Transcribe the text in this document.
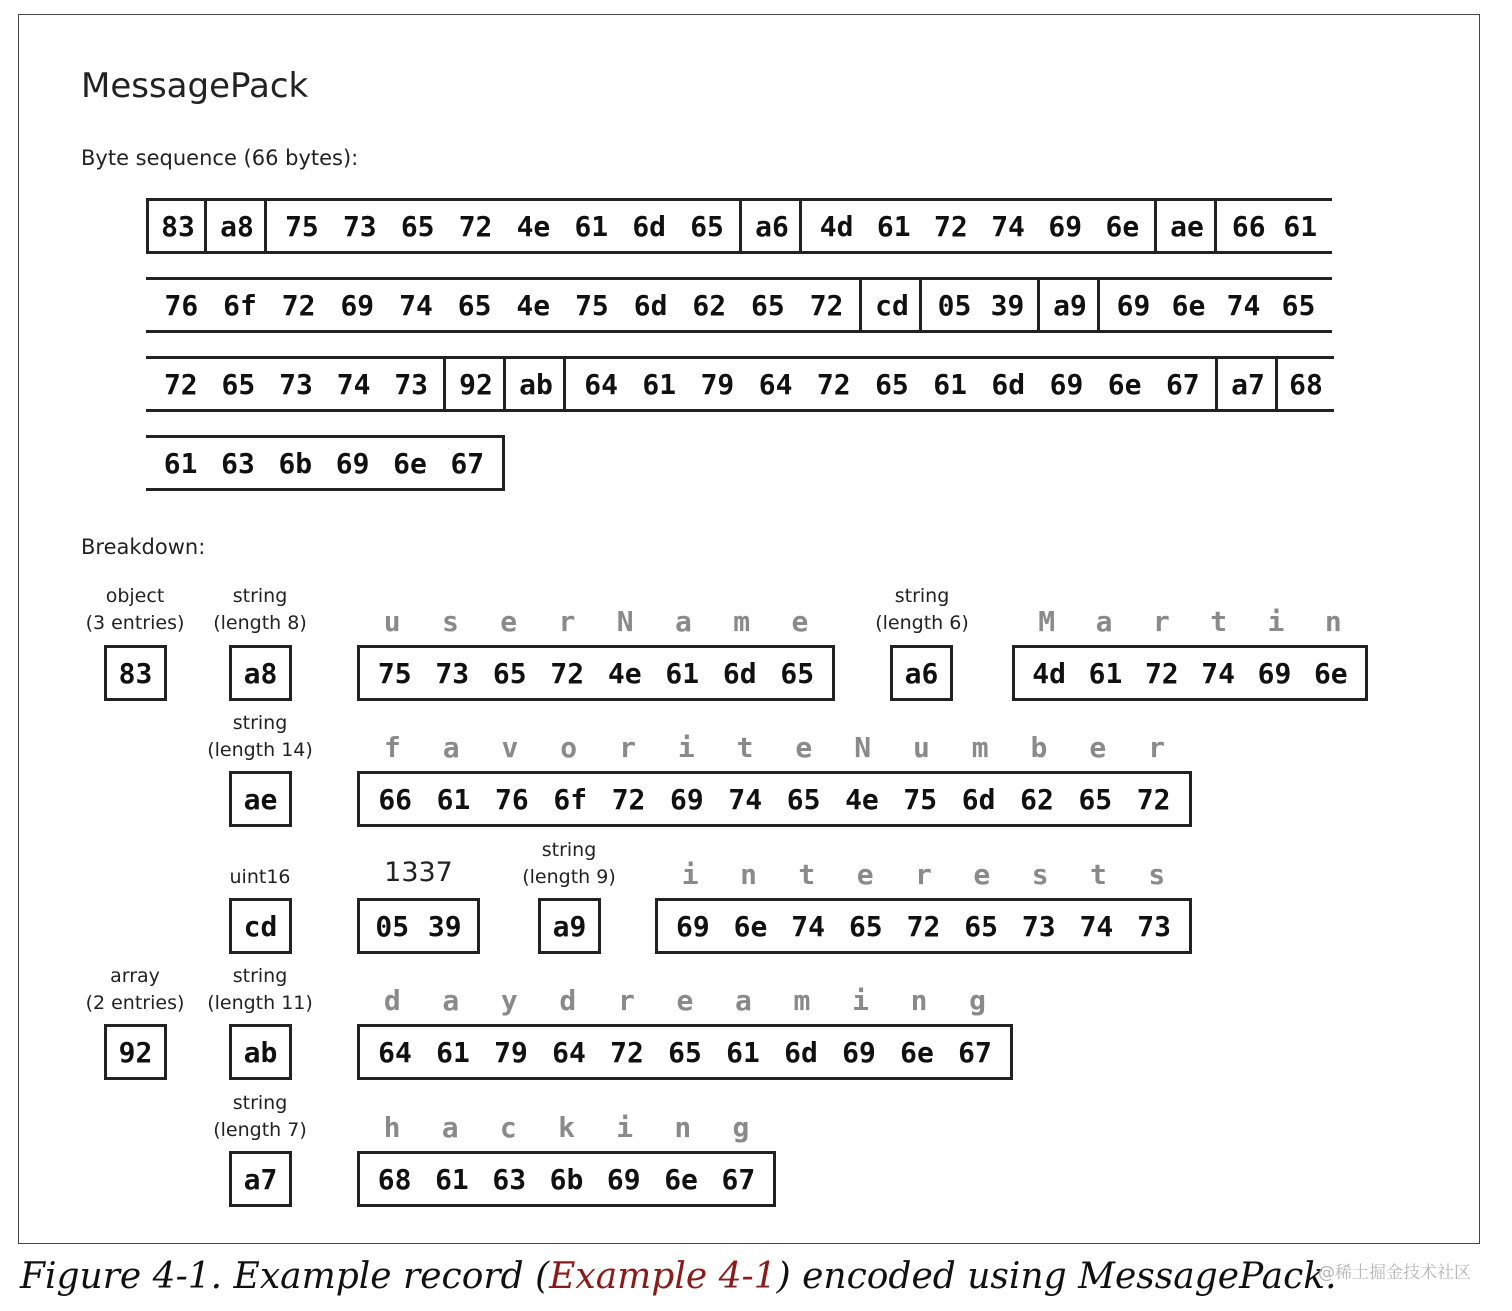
MessagePack
Byte sequence (66 bytes):
83 a8 75 73 65 72 4e 61 6d 65 a6 4d 61 72 74 69 6e ae 66 61
76 6f 72 69 74 65 4e 75 6d 62 65 72 cd 05 39 a9 69 6e 74 65
72 65 73 74 73 92 ab 64 61 79 64 72 65 61 6d 69 6e 67 a7 68
61 63 6b 69 6e 67
Breakdown:
object
(3 entries)
83
string
(length 8)
a8
u s e r N a m e
75 73 65 72 4e 61 6d 65
string
(length 6)
a6
M a r t i n
4d 61 72 74 69 6e
string
(length 14)
ae
f a v o r i t e N u m b e r
66 61 76 6f 72 69 74 65 4e 75 6d 62 65 72
uint16
cd
1337
05 39
string
(length 9)
a9
i n t e r e s t s
69 6e 74 65 72 65 73 74 73
array
(2 entries)
92
string
(length 11)
ab
d a y d r e a m i n g
64 61 79 64 72 65 61 6d 69 6e 67
string
(length 7)
a7
h a c k i n g
68 61 63 6b 69 6e 67
Figure 4-1. Example record (Example 4-1) encoded using MessagePack.
@稀土掘金技术社区
